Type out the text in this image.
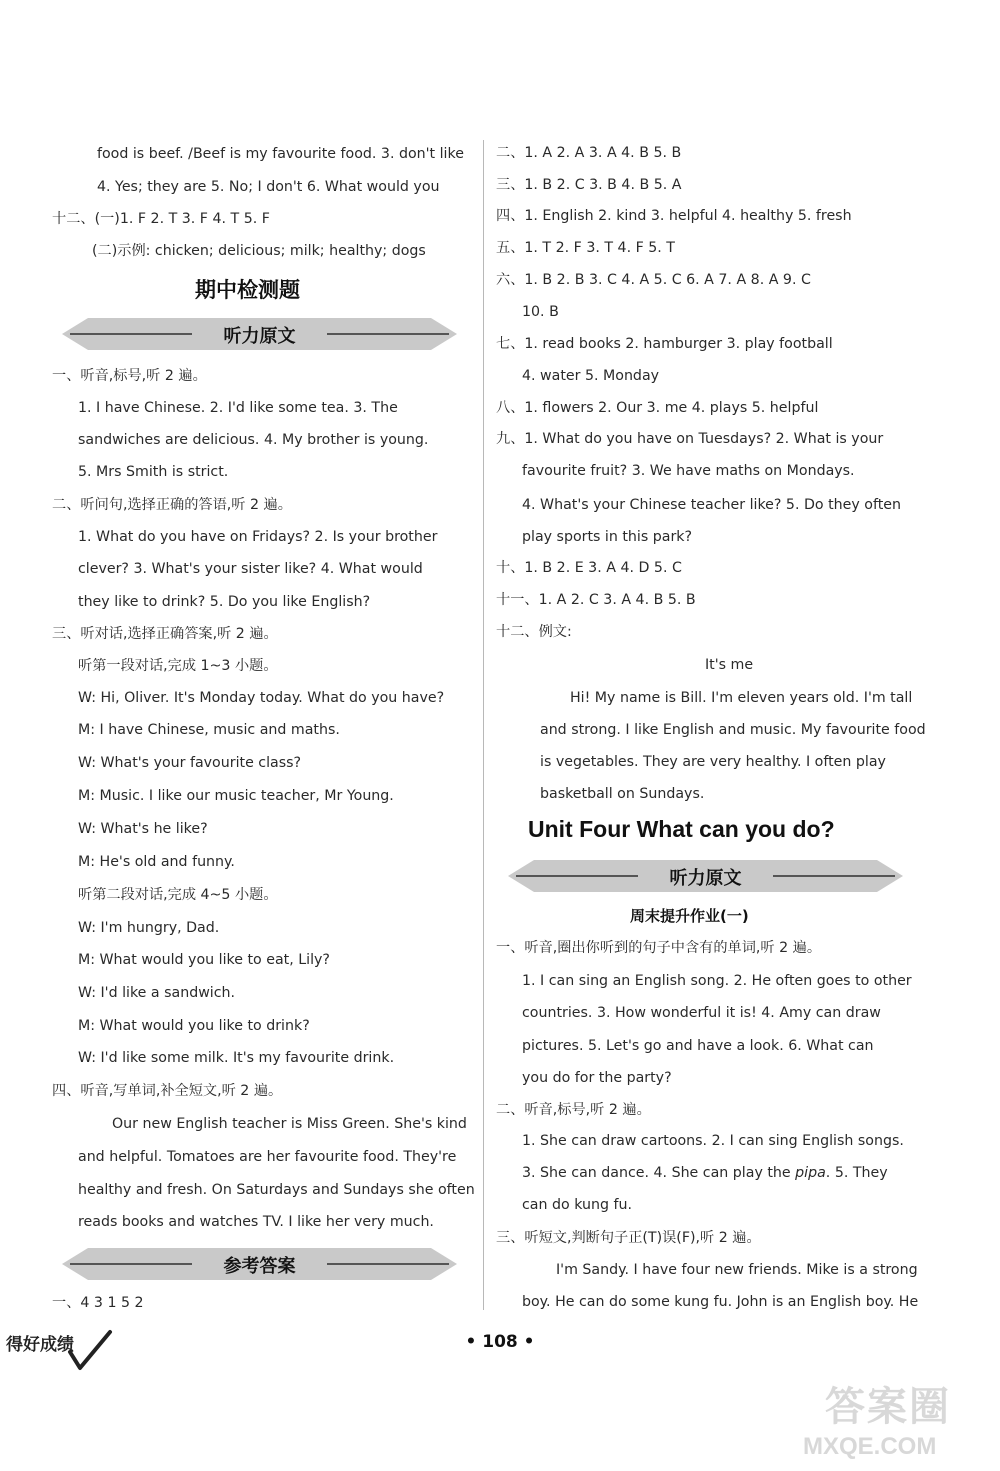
food is beef. /Beef is my favourite food. 3. don't like
4. Yes; they are 5. No; I don't 6. What would you
十二、(一)1. F 2. T 3. F 4. T 5. F
(二)示例: chicken; delicious; milk; healthy; dogs
期中检测题
听力原文
一、听音,标号,听 2 遍。
1. I have Chinese. 2. I'd like some tea. 3. The
sandwiches are delicious. 4. My brother is young.
5. Mrs Smith is strict.
二、听问句,选择正确的答语,听 2 遍。
1. What do you have on Fridays? 2. Is your brother
clever? 3. What's your sister like? 4. What would
they like to drink? 5. Do you like English?
三、听对话,选择正确答案,听 2 遍。
听第一段对话,完成 1~3 小题。
W: Hi, Oliver. It's Monday today. What do you have?
M: I have Chinese, music and maths.
W: What's your favourite class?
M: Music. I like our music teacher, Mr Young.
W: What's he like?
M: He's old and funny.
听第二段对话,完成 4~5 小题。
W: I'm hungry, Dad.
M: What would you like to eat, Lily?
W: I'd like a sandwich.
M: What would you like to drink?
W: I'd like some milk. It's my favourite drink.
四、听音,写单词,补全短文,听 2 遍。
Our new English teacher is Miss Green. She's kind
and helpful. Tomatoes are her favourite food. They're
healthy and fresh. On Saturdays and Sundays she often
reads books and watches TV. I like her very much.
参考答案
一、4 3 1 5 2
二、1. A 2. A 3. A 4. B 5. B
三、1. B 2. C 3. B 4. B 5. A
四、1. English 2. kind 3. helpful 4. healthy 5. fresh
五、1. T 2. F 3. T 4. F 5. T
六、1. B 2. B 3. C 4. A 5. C 6. A 7. A 8. A 9. C
10. B
七、1. read books 2. hamburger 3. play football
4. water 5. Monday
八、1. flowers 2. Our 3. me 4. plays 5. helpful
九、1. What do you have on Tuesdays? 2. What is your
favourite fruit? 3. We have maths on Mondays.
4. What's your Chinese teacher like? 5. Do they often
play sports in this park?
十、1. B 2. E 3. A 4. D 5. C
十一、1. A 2. C 3. A 4. B 5. B
十二、例文:
It's me
Hi! My name is Bill. I'm eleven years old. I'm tall
and strong. I like English and music. My favourite food
is vegetables. They are very healthy. I often play
basketball on Sundays.
Unit Four What can you do?
听力原文
周末提升作业(一)
一、听音,圈出你听到的句子中含有的单词,听 2 遍。
1. I can sing an English song. 2. He often goes to other
countries. 3. How wonderful it is! 4. Amy can draw
pictures. 5. Let's go and have a look. 6. What can
you do for the party?
二、听音,标号,听 2 遍。
1. She can draw cartoons. 2. I can sing English songs.
3. She can dance. 4. She can play the pipa. 5. They
can do kung fu.
三、听短文,判断句子正(T)误(F),听 2 遍。
I'm Sandy. I have four new friends. Mike is a strong
boy. He can do some kung fu. John is an English boy. He
得好成绩	• 108 •
答案圈
MXQE.COM
